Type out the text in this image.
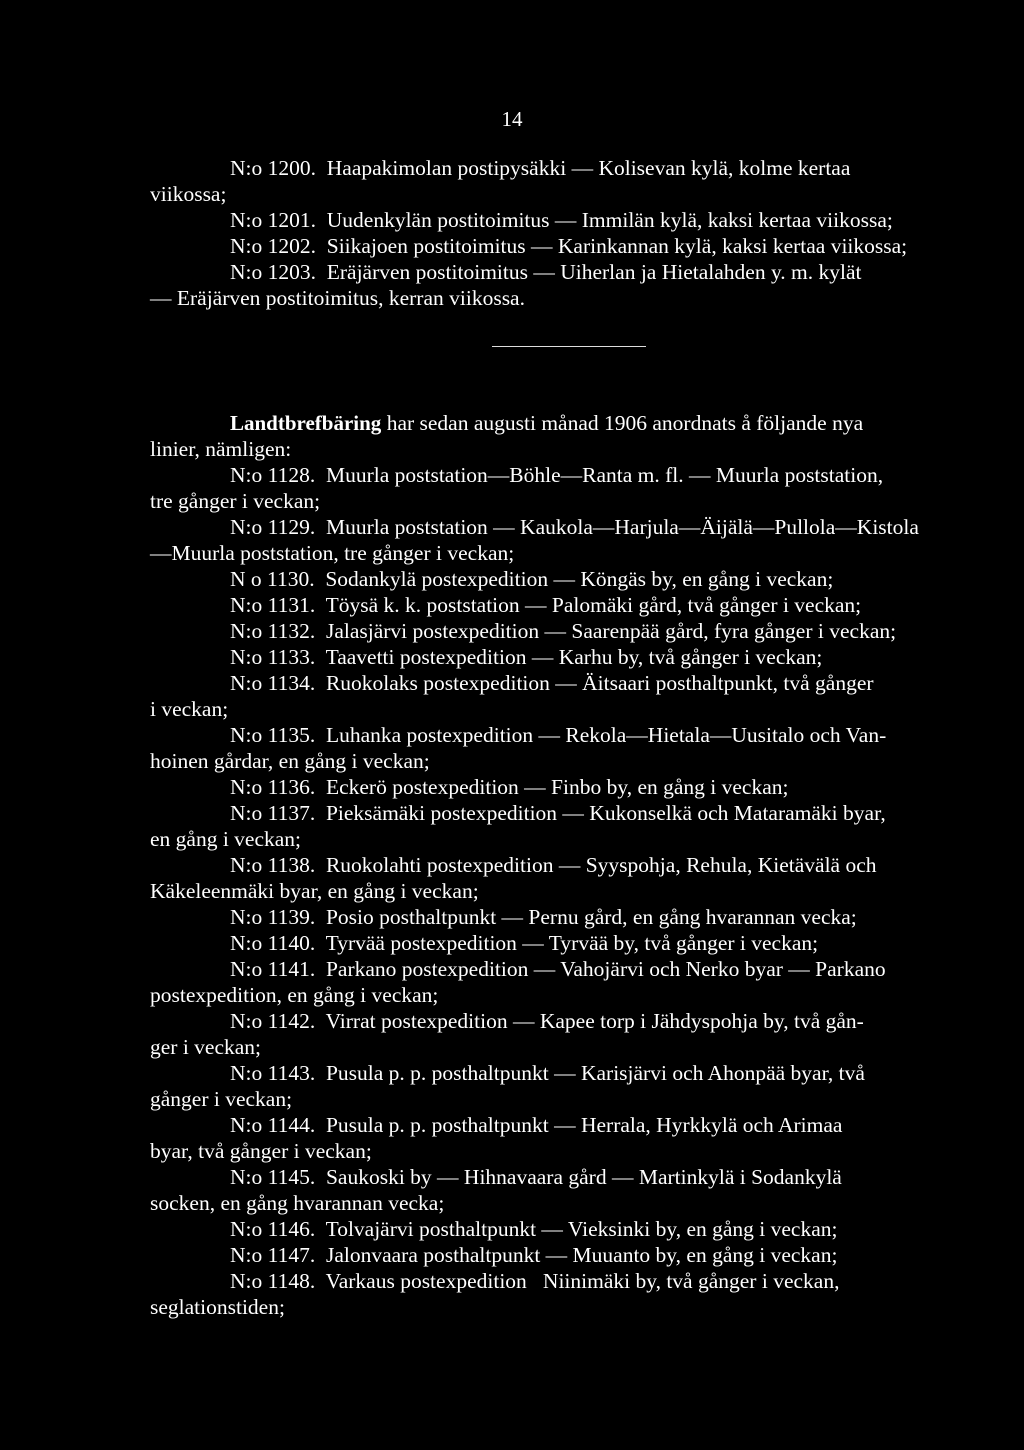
14
N:o 1200.  Haapakimolan postipysäkki — Kolisevan kylä, kolme kertaa
viikossa;
N:o 1201.  Uudenkylän postitoimitus — Immilän kylä, kaksi kertaa viikossa;
N:o 1202.  Siikajoen postitoimitus — Karinkannan kylä, kaksi kertaa viikossa;
N:o 1203.  Eräjärven postitoimitus — Uiherlan ja Hietalahden y. m. kylät
— Eräjärven postitoimitus, kerran viikossa.
Landtbrefbäring har sedan augusti månad 1906 anordnats å följande nya
linier, nämligen:
N:o 1128.  Muurla poststation—Böhle—Ranta m. fl. — Muurla poststation,
tre gånger i veckan;
N:o 1129.  Muurla poststation — Kaukola—Harjula—Äijälä—Pullola—Kistola
—Muurla poststation, tre gånger i veckan;
N o 1130.  Sodankylä postexpedition — Köngäs by, en gång i veckan;
N:o 1131.  Töysä k. k. poststation — Palomäki gård, två gånger i veckan;
N:o 1132.  Jalasjärvi postexpedition — Saarenpää gård, fyra gånger i veckan;
N:o 1133.  Taavetti postexpedition — Karhu by, två gånger i veckan;
N:o 1134.  Ruokolaks postexpedition — Äitsaari posthaltpunkt, två gånger
i veckan;
N:o 1135.  Luhanka postexpedition — Rekola—Hietala—Uusitalo och Van-
hoinen gårdar, en gång i veckan;
N:o 1136.  Eckerö postexpedition — Finbo by, en gång i veckan;
N:o 1137.  Pieksämäki postexpedition — Kukonselkä och Mataramäki byar,
en gång i veckan;
N:o 1138.  Ruokolahti postexpedition — Syyspohja, Rehula, Kietävälä och
Käkeleenmäki byar, en gång i veckan;
N:o 1139.  Posio posthaltpunkt — Pernu gård, en gång hvarannan vecka;
N:o 1140.  Tyrvää postexpedition — Tyrvää by, två gånger i veckan;
N:o 1141.  Parkano postexpedition — Vahojärvi och Nerko byar — Parkano
postexpedition, en gång i veckan;
N:o 1142.  Virrat postexpedition — Kapee torp i Jähdyspohja by, två gån-
ger i veckan;
N:o 1143.  Pusula p. p. posthaltpunkt — Karisjärvi och Ahonpää byar, två
gånger i veckan;
N:o 1144.  Pusula p. p. posthaltpunkt — Herrala, Hyrkkylä och Arimaa
byar, två gånger i veckan;
N:o 1145.  Saukoski by — Hihnavaara gård — Martinkylä i Sodankylä
socken, en gång hvarannan vecka;
N:o 1146.  Tolvajärvi posthaltpunkt — Vieksinki by, en gång i veckan;
N:o 1147.  Jalonvaara posthaltpunkt — Muuanto by, en gång i veckan;
N:o 1148.  Varkaus postexpedition   Niinimäki by, två gånger i veckan,
seglationstiden;
